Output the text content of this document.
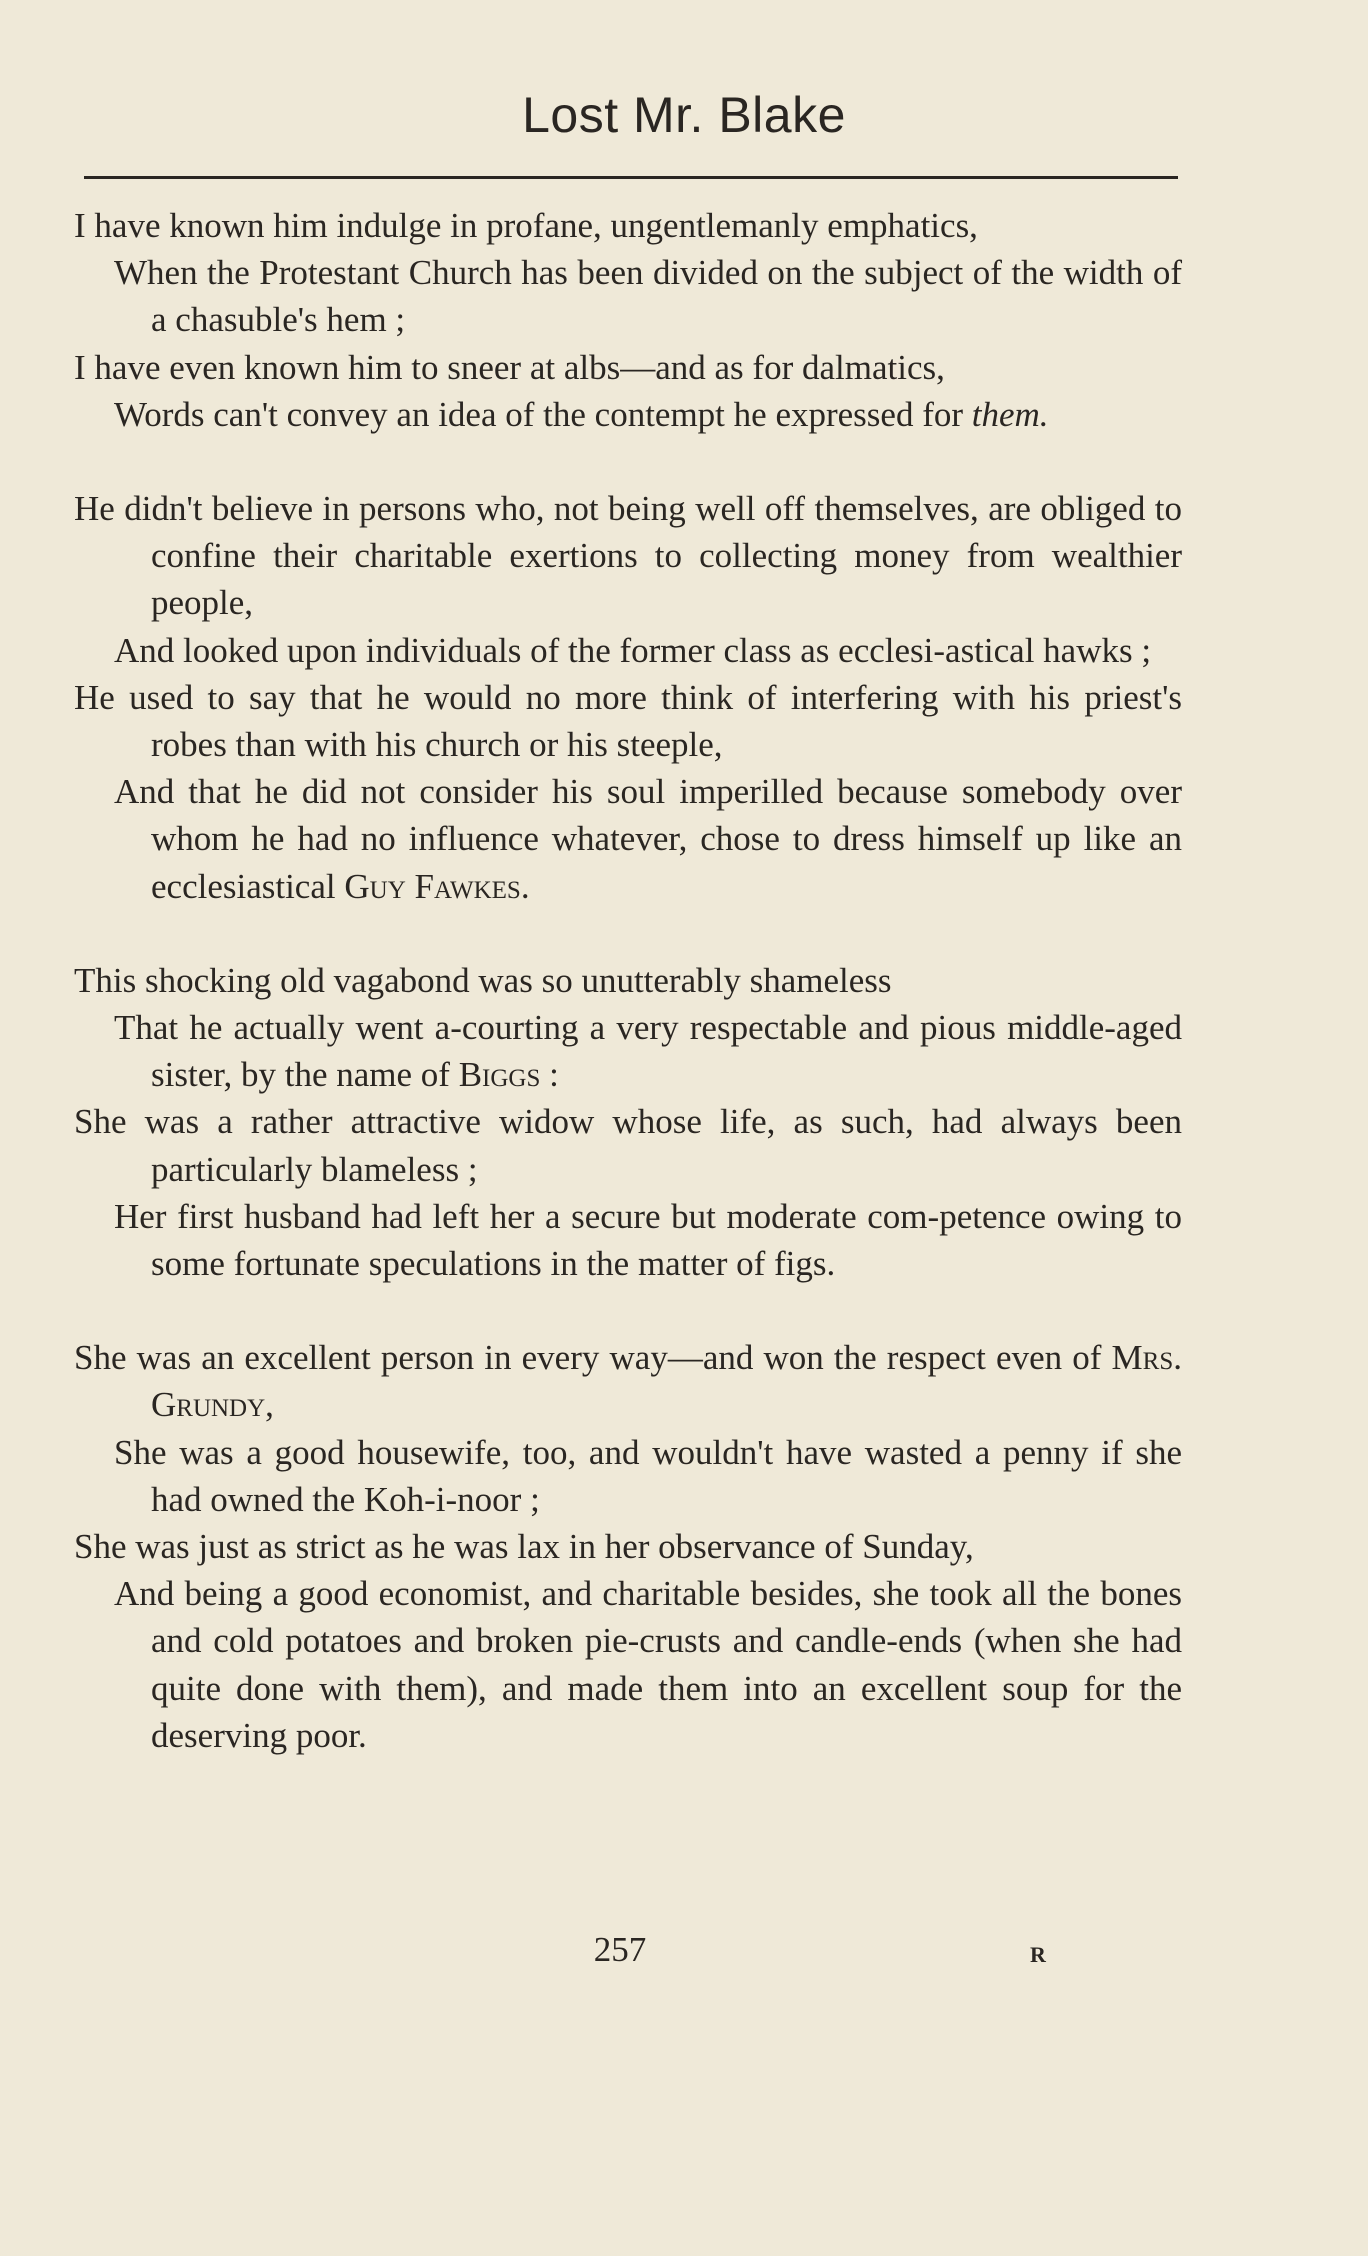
Lost Mr. Blake
I have known him indulge in profane, ungentlemanly emphatics,
When the Protestant Church has been divided on the subject of the width of a chasuble's hem ;
I have even known him to sneer at albs—and as for dalmatics,
Words can't convey an idea of the contempt he expressed for them.
He didn't believe in persons who, not being well off themselves, are obliged to confine their charitable exertions to collecting money from wealthier people,
And looked upon individuals of the former class as ecclesi-astical hawks ;
He used to say that he would no more think of interfering with his priest's robes than with his church or his steeple,
And that he did not consider his soul imperilled because somebody over whom he had no influence whatever, chose to dress himself up like an ecclesiastical Guy Fawkes.
This shocking old vagabond was so unutterably shameless
That he actually went a-courting a very respectable and pious middle-aged sister, by the name of Biggs :
She was a rather attractive widow whose life, as such, had always been particularly blameless ;
Her first husband had left her a secure but moderate com-petence owing to some fortunate speculations in the matter of figs.
She was an excellent person in every way—and won the respect even of Mrs. Grundy,
She was a good housewife, too, and wouldn't have wasted a penny if she had owned the Koh-i-noor ;
She was just as strict as he was lax in her observance of Sunday,
And being a good economist, and charitable besides, she took all the bones and cold potatoes and broken pie-crusts and candle-ends (when she had quite done with them), and made them into an excellent soup for the deserving poor.
257	R
